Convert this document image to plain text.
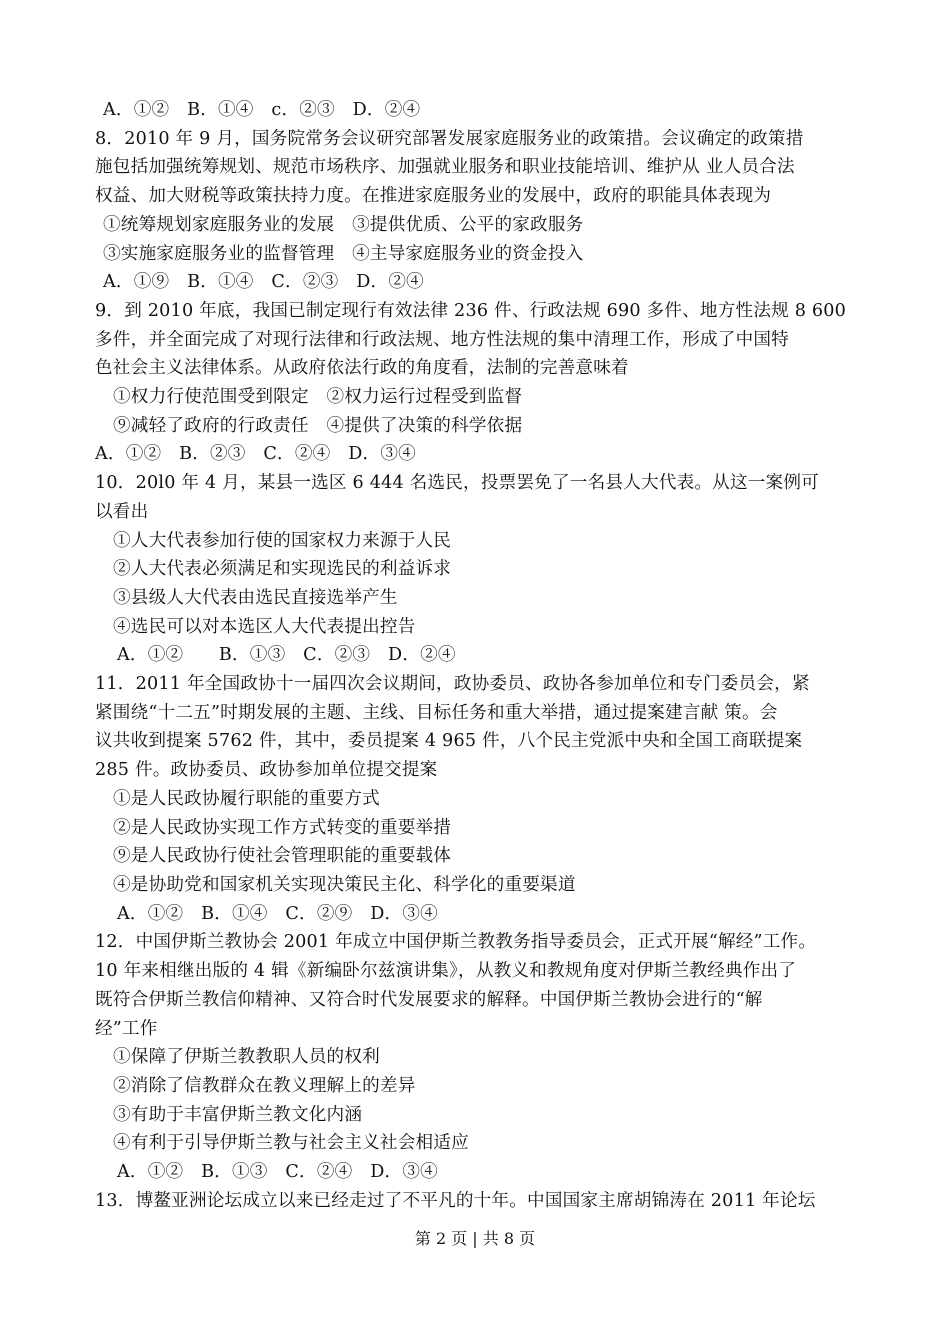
A．①②　B．①④　c．②③　D．②④
8．2010 年 9 月，国务院常务会议研究部署发展家庭服务业的政策措。会议确定的政策措
施包括加强统筹规划、规范市场秩序、加强就业服务和职业技能培训、维护从 业人员合法
权益、加大财税等政策扶持力度。在推进家庭服务业的发展中，政府的职能具体表现为
①统筹规划家庭服务业的发展　③提供优质、公平的家政服务
③实施家庭服务业的监督管理　④主导家庭服务业的资金投入
A．①⑨　B．①④　C．②③　D．②④
9．到 2010 年底，我国已制定现行有效法律 236 件、行政法规 690 多件、地方性法规 8 600
多件，并全面完成了对现行法律和行政法规、地方性法规的集中清理工作，形成了中国特
色社会主义法律体系。从政府依法行政的角度看，法制的完善意味着
①权力行使范围受到限定　②权力运行过程受到监督
⑨减轻了政府的行政责任　④提供了决策的科学依据
A．①②　B．②③　C．②④　D．③④
10．20l0 年 4 月，某县一选区 6 444 名选民，投票罢免了一名县人大代表。从这一案例可
以看出
①人大代表参加行使的国家权力来源于人民
②人大代表必须满足和实现选民的利益诉求
③县级人大代表由选民直接选举产生
④选民可以对本选区人大代表提出控告
A．①②　　B．①③　C．②③　D．②④
11．2011 年全国政协十一届四次会议期间，政协委员、政协各参加单位和专门委员会，紧
紧围绕“十二五”时期发展的主题、主线、目标任务和重大举措，通过提案建言献 策。会
议共收到提案 5762 件，其中，委员提案 4 965 件，八个民主党派中央和全国工商联提案
285 件。政协委员、政协参加单位提交提案
①是人民政协履行职能的重要方式
②是人民政协实现工作方式转变的重要举措
⑨是人民政协行使社会管理职能的重要载体
④是协助党和国家机关实现决策民主化、科学化的重要渠道
A．①②　B．①④　C．②⑨　D．③④
12．中国伊斯兰教协会 2001 年成立中国伊斯兰教教务指导委员会，正式开展“解经”工作。
10 年来相继出版的 4 辑《新编卧尔兹演讲集》，从教义和教规角度对伊斯兰教经典作出了
既符合伊斯兰教信仰精神、又符合时代发展要求的解释。中国伊斯兰教协会进行的“解
经”工作
①保障了伊斯兰教教职人员的权利
②消除了信教群众在教义理解上的差异
③有助于丰富伊斯兰教文化内涵
④有利于引导伊斯兰教与社会主义社会相适应
A．①②　B．①③　C．②④　D．③④
13．博鳌亚洲论坛成立以来已经走过了不平凡的十年。中国国家主席胡锦涛在 2011 年论坛
第 2 页 | 共 8 页
